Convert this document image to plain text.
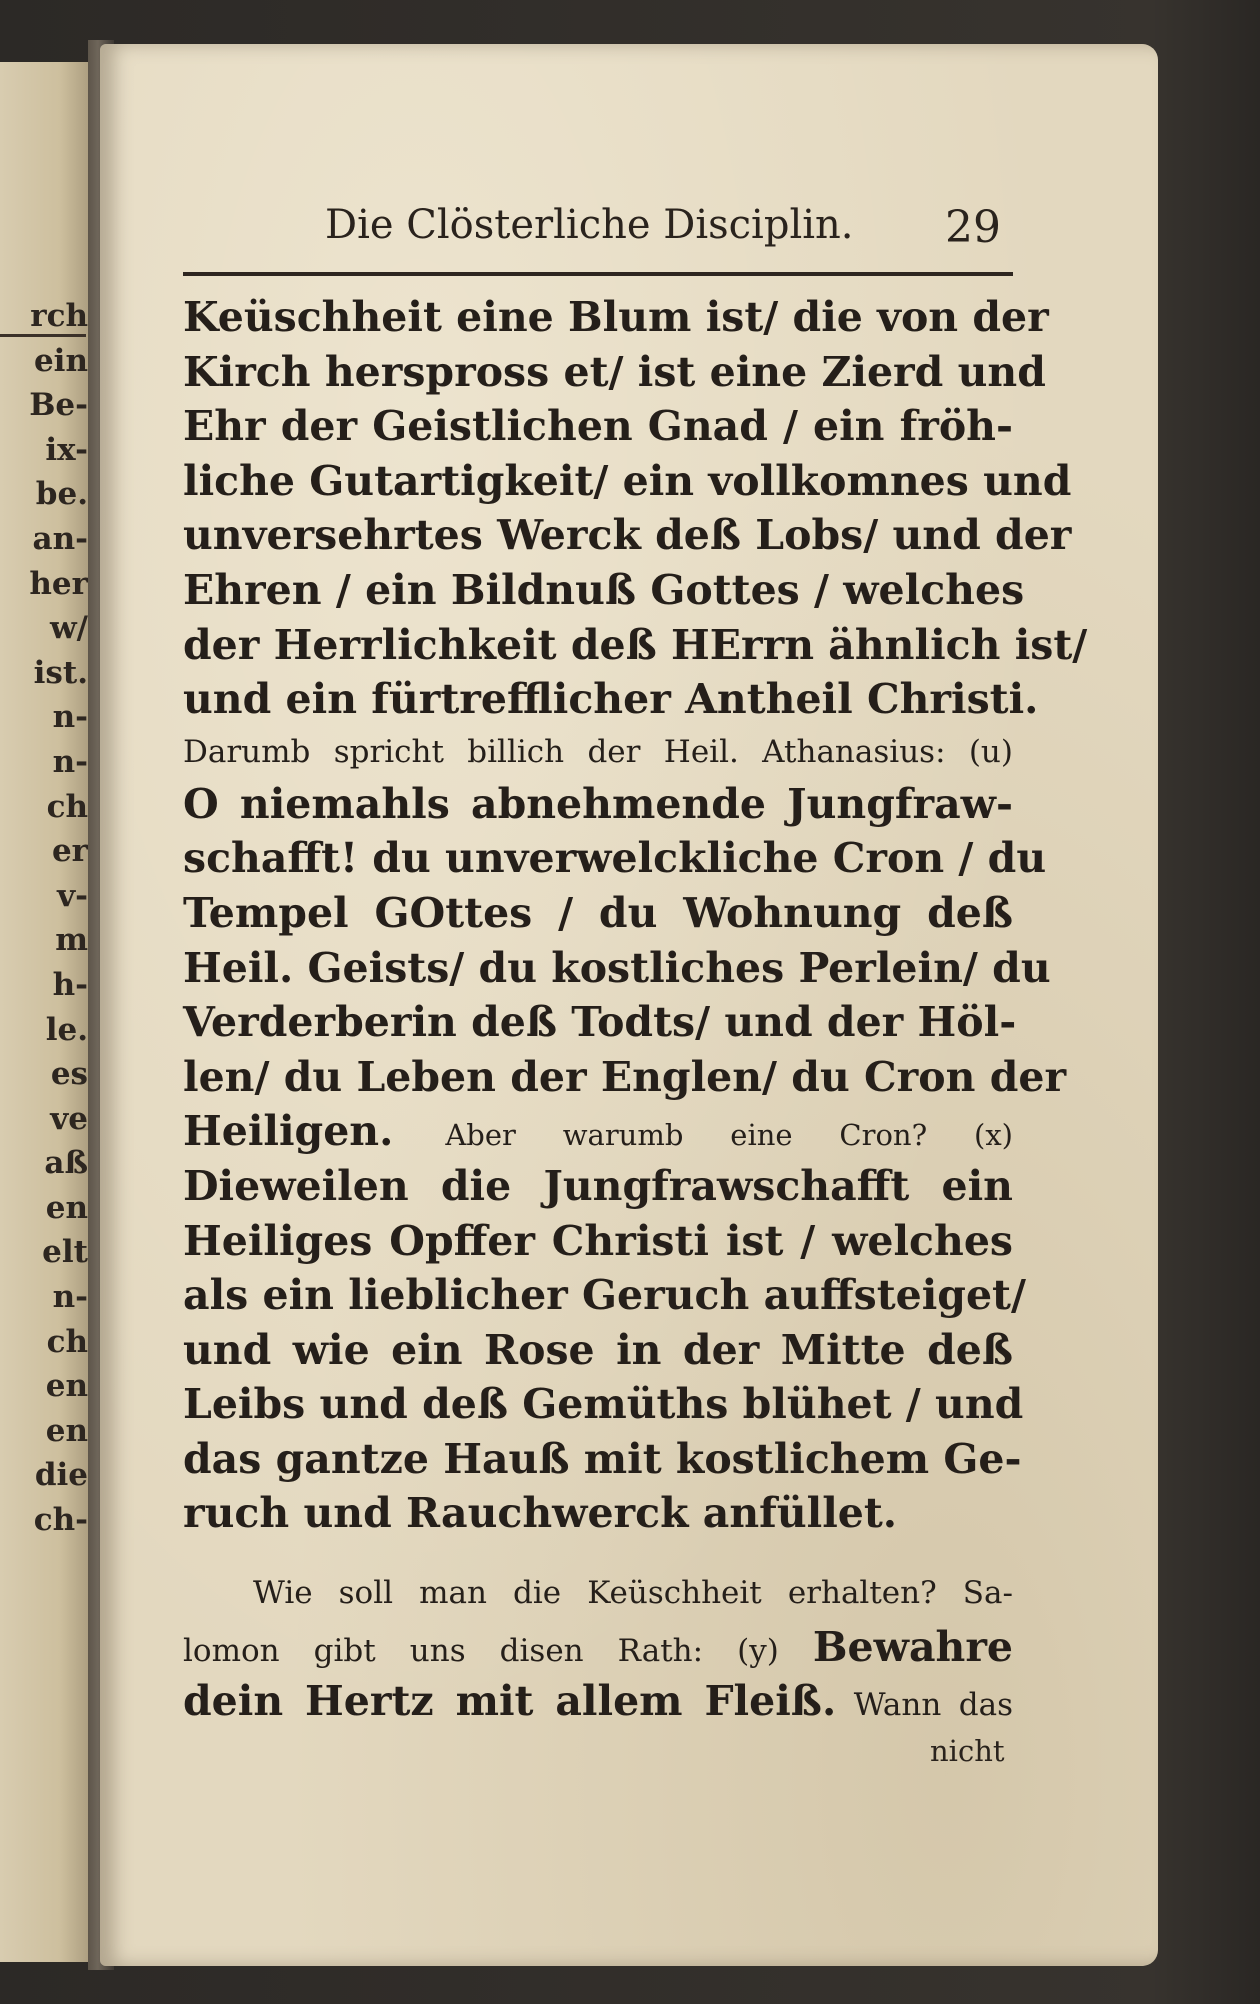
rch
ein
Be-
ix-
be.
an-
her
w/
ist.
n-
n-
ch
er
v-
m
h-
le.
es
ve
aß
en
elt
n-
ch
en
en
die
ch-
Die Clösterliche Disciplin. 29
Keüschheit eine Blum ist/ die von der
Kirch herspross et/ ist eine Zierd und
Ehr der Geistlichen Gnad / ein fröh-
liche Gutartigkeit/ ein vollkomnes und
unversehrtes Werck deß Lobs/ und der
Ehren / ein Bildnuß Gottes / welches
der Herrlichkeit deß HErrn ähnlich ist/
und ein fürtrefflicher Antheil Christi.
Darumb spricht billich der Heil. Athanasius: (u)
O niemahls abnehmende Jungfraw-
schafft! du unverwelckliche Cron / du
Tempel GOttes / du Wohnung deß
Heil. Geists/ du kostliches Perlein/ du
Verderberin deß Todts/ und der Höl-
len/ du Leben der Englen/ du Cron der
Heiligen. Aber warumb eine Cron? (x)
Dieweilen die Jungfrawschafft ein
Heiliges Opffer Christi ist / welches
als ein lieblicher Geruch auffsteiget/
und wie ein Rose in der Mitte deß
Leibs und deß Gemüths blühet / und
das gantze Hauß mit kostlichem Ge-
ruch und Rauchwerck anfüllet.
Wie soll man die Keüschheit erhalten? Sa-
lomon gibt uns disen Rath: (y) Bewahre
dein Hertz mit allem Fleiß. Wann das
nicht
